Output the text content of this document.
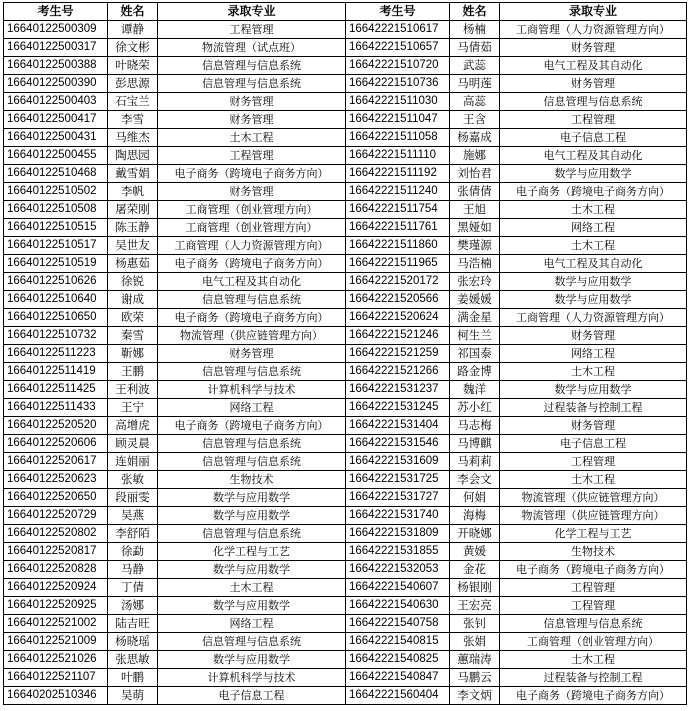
考生号	姓名	录取专业	考生号	姓名	录取专业
16640122500309	谭静	工程管理	16642221510617	杨楠	工商管理（人力资源管理方向）
16640122500317	徐文彬	物流管理（试点班）	16642221510657	马倩茹	财务管理
16640122500388	叶晓荣	信息管理与信息系统	16642221510720	武蕊	电气工程及其自动化
16640122500390	彭思源	信息管理与信息系统	16642221510736	马明莲	财务管理
16640122500403	石宝兰	财务管理	16642221511030	高蕊	信息管理与信息系统
16640122500417	李雪	财务管理	16642221511047	王含	工程管理
16640122500431	马维杰	土木工程	16642221511058	杨嘉成	电子信息工程
16640122500455	陶思园	工程管理	16642221511110	施娜	电气工程及其自动化
16640122510468	戴雪娟	电子商务（跨境电子商务方向）	16642221511192	刘怡君	数学与应用数学
16640122510502	李帆	财务管理	16642221511240	张倩倩	电子商务（跨境电子商务方向）
16640122510508	屠荣刚	工商管理（创业管理方向）	16642221511754	王旭	土木工程
16640122510515	陈玉静	工商管理（创业管理方向）	16642221511761	黑娅如	网络工程
16640122510517	吴世友	工商管理（人力资源管理方向）	16642221511860	樊瑾源	土木工程
16640122510519	杨惠茹	电子商务（跨境电子商务方向）	16642221511965	马浩楠	电气工程及其自动化
16640122510626	徐锐	电气工程及其自动化	16642221520172	张宏玲	数学与应用数学
16640122510640	谢成	信息管理与信息系统	16642221520566	姜媛媛	数学与应用数学
16640122510650	欧荣	电子商务（跨境电子商务方向）	16642221520624	满金星	工商管理（人力资源管理方向）
16640122510732	秦雪	物流管理（供应链管理方向）	16642221521246	柯生兰	财务管理
16640122511223	靳娜	财务管理	16642221521259	祁国泰	网络工程
16640122511419	王鹏	信息管理与信息系统	16642221521266	路金博	土木工程
16640122511425	王利波	计算机科学与技术	16642221531237	魏洋	数学与应用数学
16640122511433	王宁	网络工程	16642221531245	苏小红	过程装备与控制工程
16640122520520	高增虎	电子商务（跨境电子商务方向）	16642221531404	马志梅	财务管理
16640122520606	顾灵晨	信息管理与信息系统	16642221531546	马博麒	电子信息工程
16640122520617	连娟丽	信息管理与信息系统	16642221531609	马莉莉	工程管理
16640122520623	张敏	生物技术	16642221531725	李会文	土木工程
16640122520650	段丽雯	数学与应用数学	16642221531727	何娟	物流管理（供应链管理方向）
16640122520729	吴燕	数学与应用数学	16642221531740	海梅	物流管理（供应链管理方向）
16640122520802	李舒陌	信息管理与信息系统	16642221531809	开晓娜	化学工程与工艺
16640122520817	徐勐	化学工程与工艺	16642221531855	黄媛	生物技术
16640122520828	马静	数学与应用数学	16642221532053	金花	电子商务（跨境电子商务方向）
16640122520924	丁倩	土木工程	16642221540607	杨银刚	工程管理
16640122520925	汤娜	数学与应用数学	16642221540630	王宏亮	工程管理
16640122521002	陆吉旺	网络工程	16642221540758	张钊	信息管理与信息系统
16640122521009	杨晓瑶	信息管理与信息系统	16642221540815	张娟	工商管理（创业管理方向）
16640122521026	张思敏	数学与应用数学	16642221540825	蕙瑞涛	土木工程
16640122521107	叶鹏	计算机科学与技术	16642221540847	马鹏云	过程装备与控制工程
16640202510346	吴萌	电子信息工程	16642221560404	李文炳	电子商务（跨境电子商务方向）
